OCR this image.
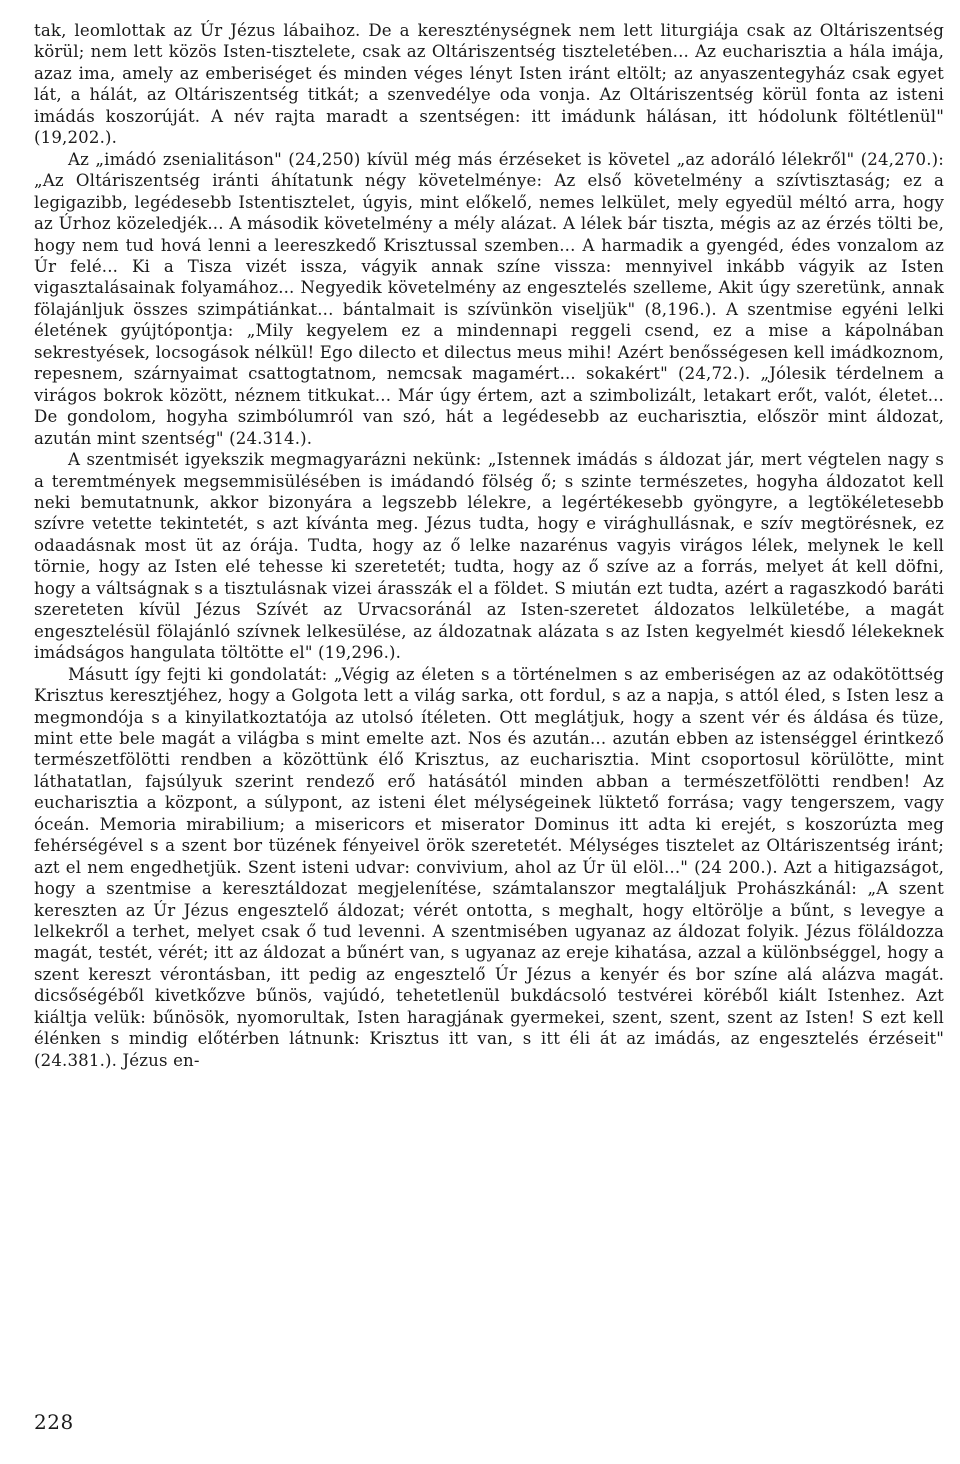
tak, leomlottak az Úr Jézus lábaihoz. De a kereszténységnek nem lett liturgiája csak az Oltáriszentség körül; nem lett közös Isten-tisztelete, csak az Oltáriszentség tiszteletében... Az eucharisztia a hála imája, azaz ima, amely az emberiséget és minden véges lényt Isten iránt eltölt; az anyaszentegyház csak egyet lát, a hálát, az Oltáriszentség titkát; a szenvedélye oda vonja. Az Oltáriszentség körül fonta az isteni imádás koszorúját. A név rajta maradt a szentségen: itt imádunk hálásan, itt hódolunk föltétlenül" (19,202.).

Az „imádó zsenialitáson" (24,250) kívül még más érzéseket is követel „az adoráló lélekről" (24,270.): „Az Oltáriszentség iránti áhítatunk négy követelménye: Az első követelmény a szívtisztaság; ez a legigazibb, legédesebb Istentisztelet, úgyis, mint előkelő, nemes lelkület, mely egyedül méltó arra, hogy az Úrhoz közeledjék... A második követelmény a mély alázat. A lélek bár tiszta, mégis az az érzés tölti be, hogy nem tud hová lenni a leereszkedő Krisztussal szemben... A harmadik a gyengéd, édes vonzalom az Úr felé... Ki a Tisza vizét issza, vágyik annak színe vissza: mennyivel inkább vágyik az Isten vigasztalásainak folyamához... Negyedik követelmény az engesztelés szelleme, Akit úgy szeretünk, annak fölajánljuk összes szimpátiánkat... bántalmait is szívünkön viseljük" (8,196.). A szentmise egyéni lelki életének gyújtópontja: „Mily kegyelem ez a mindennapi reggeli csend, ez a mise a kápolnában sekrestyések, locsogások nélkül! Ego dilecto et dilectus meus mihi! Azért benősségesen kell imádkoznom, repesnem, szárnyaimat csattogtatnom, nemcsak magamért... sokakért" (24,72.). „Jólesik térdelnem a virágos bokrok között, néznem titkukat... Már úgy értem, azt a szimbolizált, letakart erőt, valót, életet... De gondolom, hogyha szimbólumról van szó, hát a legédesebb az eucharisztia, először mint áldozat, azután mint szentség" (24.314.).

A szentmisét igyekszik megmagyarázni nekünk: „Istennek imádás s áldozat jár, mert végtelen nagy s a teremtmények megsemmisülésében is imádandó fölség ő; s szinte természetes, hogyha áldozatot kell neki bemutatnunk, akkor bizonyára a legszebb lélekre, a legértékesebb gyöngyre, a legtökéletesebb szívre vetette tekintetét, s azt kívánta meg. Jézus tudta, hogy e virághullásnak, e szív megtörésnek, ez odaadásnak most üt az órája. Tudta, hogy az ő lelke nazarénus vagyis virágos lélek, melynek le kell törnie, hogy az Isten elé tehesse ki szeretetét; tudta, hogy az ő szíve az a forrás, melyet át kell döfni, hogy a váltságnak s a tisztulásnak vizei árasszák el a földet. S miután ezt tudta, azért a ragaszkodó baráti szereteten kívül Jézus Szívét az Urvacsoránál az Isten-szeretet áldozatos lelkületébe, a magát engesztelésül fölajánló szívnek lelkesülése, az áldozatnak alázata s az Isten kegyelmét kiesdő lélekeknek imádságos hangulata töltötte el" (19,296.).

Másutt így fejti ki gondolatát: „Végig az életen s a történelmen s az emberiségen az az odakötöttség Krisztus keresztjéhez, hogy a Golgota lett a világ sarka, ott fordul, s az a napja, s attól éled, s Isten lesz a megmondója s a kinyilatkoztatója az utolsó ítéleten. Ott meglátjuk, hogy a szent vér és áldása és tüze, mint ette bele magát a világba s mint emelte azt. Nos és azután... azután ebben az istenséggel érintkező természetfölötti rendben a közöttünk élő Krisztus, az eucharisztia. Mint csoportosul körülötte, mint láthatatlan, fajsúlyuk szerint rendező erő hatásától minden abban a természetfölötti rendben! Az eucharisztia a központ, a súlypont, az isteni élet mélységeinek lüktető forrása; vagy tengerszem, vagy óceán. Memoria mirabilium; a misericors et miserator Dominus itt adta ki erejét, s koszorúzta meg fehérségével s a szent bor tüzének fényeivel örök szeretetét. Mélységes tisztelet az Oltáriszentség iránt; azt el nem engedhetjük. Szent isteni udvar: convivium, ahol az Úr ül elöl..." (24 200.). Azt a hitigazságot, hogy a szentmise a keresztáldozat megjelenítése, számtalanszor megtaláljuk Prohászkánál: „A szent kereszten az Úr Jézus engesztelő áldozat; vérét ontotta, s meghalt, hogy eltörölje a bűnt, s levegye a lelkekről a terhet, melyet csak ő tud levenni. A szentmisében ugyanaz az áldozat folyik. Jézus föláldozza magát, testét, vérét; itt az áldozat a bűnért van, s ugyanaz az ereje kihatása, azzal a különbséggel, hogy a szent kereszt vérontásban, itt pedig az engesztelő Úr Jézus a kenyér és bor színe alá alázva magát. dicsőségéből kivetkőzve bűnös, vajúdó, tehetetlenül bukdácsoló testvérei köréből kiált Istenhez. Azt kiáltja velük: bűnösök, nyomorultak, Isten haragjának gyermekei, szent, szent, szent az Isten! S ezt kell élénken s mindig előtérben látnunk: Krisztus itt van, s itt éli át az imádás, az engesztelés érzéseit" (24.381.). Jézus en-

228
